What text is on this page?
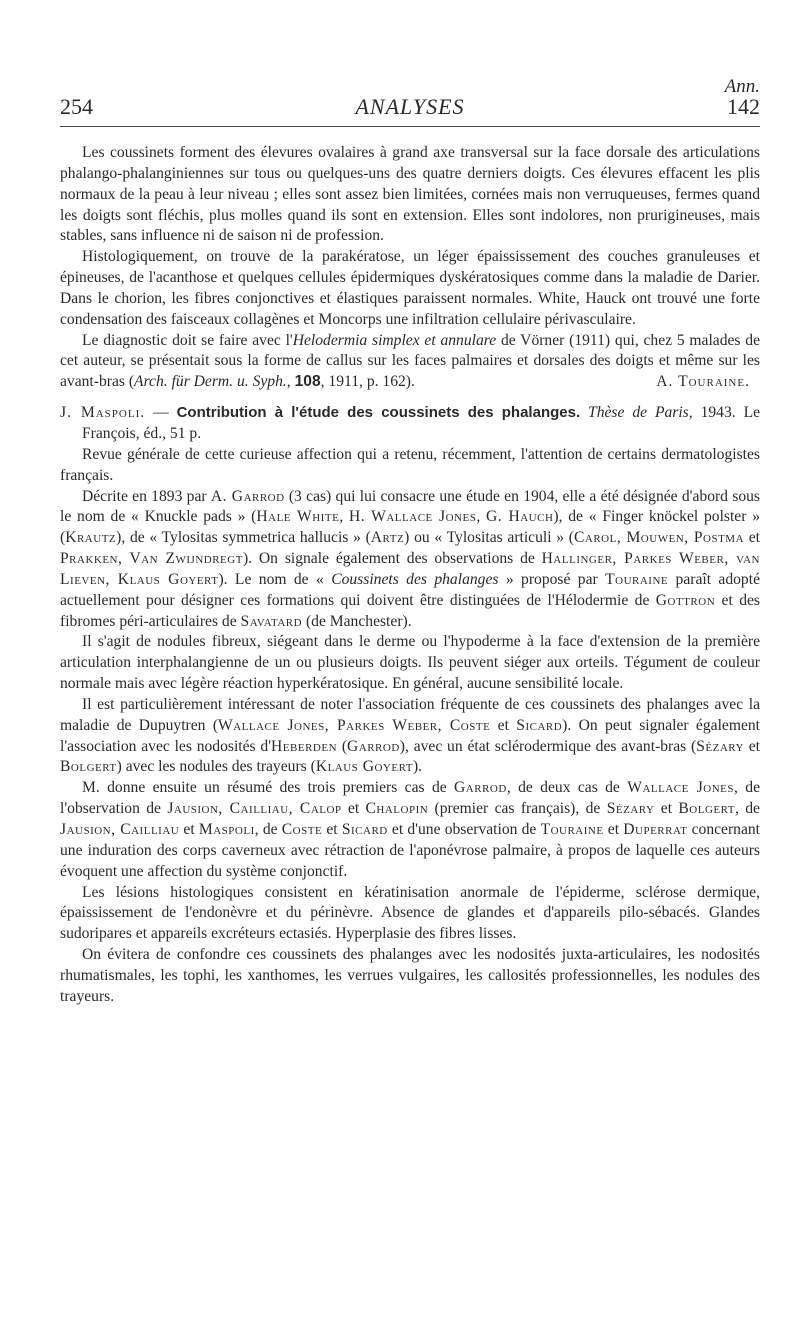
Ann.
254	ANALYSES	142

Les coussinets forment des élevures ovalaires à grand axe transversal sur la face dorsale des articulations phalango-phalanginiennes sur tous ou quelques-uns des quatre derniers doigts. Ces élevures effacent les plis normaux de la peau à leur niveau ; elles sont assez bien limitées, cornées mais non verruqueuses, fermes quand les doigts sont fléchis, plus molles quand ils sont en extension. Elles sont indolores, non prurigineuses, mais stables, sans influence ni de saison ni de profession.

Histologiquement, on trouve de la parakératose, un léger épaississement des couches granuleuses et épineuses, de l'acanthose et quelques cellules épidermiques dyskératosiques comme dans la maladie de Darier. Dans le chorion, les fibres conjonctives et élastiques paraissent normales. White, Hauck ont trouvé une forte condensation des faisceaux collagènes et Moncorps une infiltration cellulaire périvasculaire.

Le diagnostic doit se faire avec l'Helodermia simplex et annulare de Vörner (1911) qui, chez 5 malades de cet auteur, se présentait sous la forme de callus sur les faces palmaires et dorsales des doigts et même sur les avant-bras (Arch. für Derm. u. Syph., 108, 1911, p. 162).	A. Touraine.

J. Maspoli. — Contribution à l'étude des coussinets des phalanges. Thèse de Paris, 1943. Le François, éd., 51 p.

Revue générale de cette curieuse affection qui a retenu, récemment, l'attention de certains dermatologistes français.

Décrite en 1893 par A. Garrod (3 cas) qui lui consacre une étude en 1904, elle a été désignée d'abord sous le nom de « Knuckle pads » (Hale White, H. Wallace Jones, G. Hauch), de « Finger knöckel polster » (Krautz), de « Tylositas symmetrica hallucis » (Artz) ou « Tylositas articuli » (Carol, Mouwen, Postma et Prakken, Van Zwijndregt). On signale également des observations de Hallinger, Parkes Weber, van Lieven, Klaus Goyert). Le nom de « Coussinets des phalanges » proposé par Touraine paraît adopté actuellement pour désigner ces formations qui doivent être distinguées de l'Hélodermie de Gottron et des fibromes péri-articulaires de Savatard (de Manchester).

Il s'agit de nodules fibreux, siégeant dans le derme ou l'hypoderme à la face d'extension de la première articulation interphalangienne de un ou plusieurs doigts. Ils peuvent siéger aux orteils. Tégument de couleur normale mais avec légère réaction hyperkératosique. En général, aucune sensibilité locale.

Il est particulièrement intéressant de noter l'association fréquente de ces coussinets des phalanges avec la maladie de Dupuytren (Wallace Jones, Parkes Weber, Coste et Sicard). On peut signaler également l'association avec les nodosités d'Heberden (Garrod), avec un état sclérodermique des avant-bras (Sézary et Bolgert) avec les nodules des trayeurs (Klaus Goyert).

M. donne ensuite un résumé des trois premiers cas de Garrod, de deux cas de Wallace Jones, de l'observation de Jausion, Cailliau, Calop et Chalopin (premier cas français), de Sézary et Bolgert, de Jausion, Cailliau et Maspoli, de Coste et Sicard et d'une observation de Touraine et Duperrat concernant une induration des corps caverneux avec rétraction de l'aponévrose palmaire, à propos de laquelle ces auteurs évoquent une affection du système conjonctif.

Les lésions histologiques consistent en kératinisation anormale de l'épiderme, sclérose dermique, épaississement de l'endonèvre et du périnèvre. Absence de glandes et d'appareils pilo-sébacés. Glandes sudoripares et appareils excréteurs ectasiés. Hyperplasie des fibres lisses.

On évitera de confondre ces coussinets des phalanges avec les nodosités juxta-articulaires, les nodosités rhumatismales, les tophi, les xanthomes, les verrues vulgaires, les callosités professionnelles, les nodules des trayeurs.
